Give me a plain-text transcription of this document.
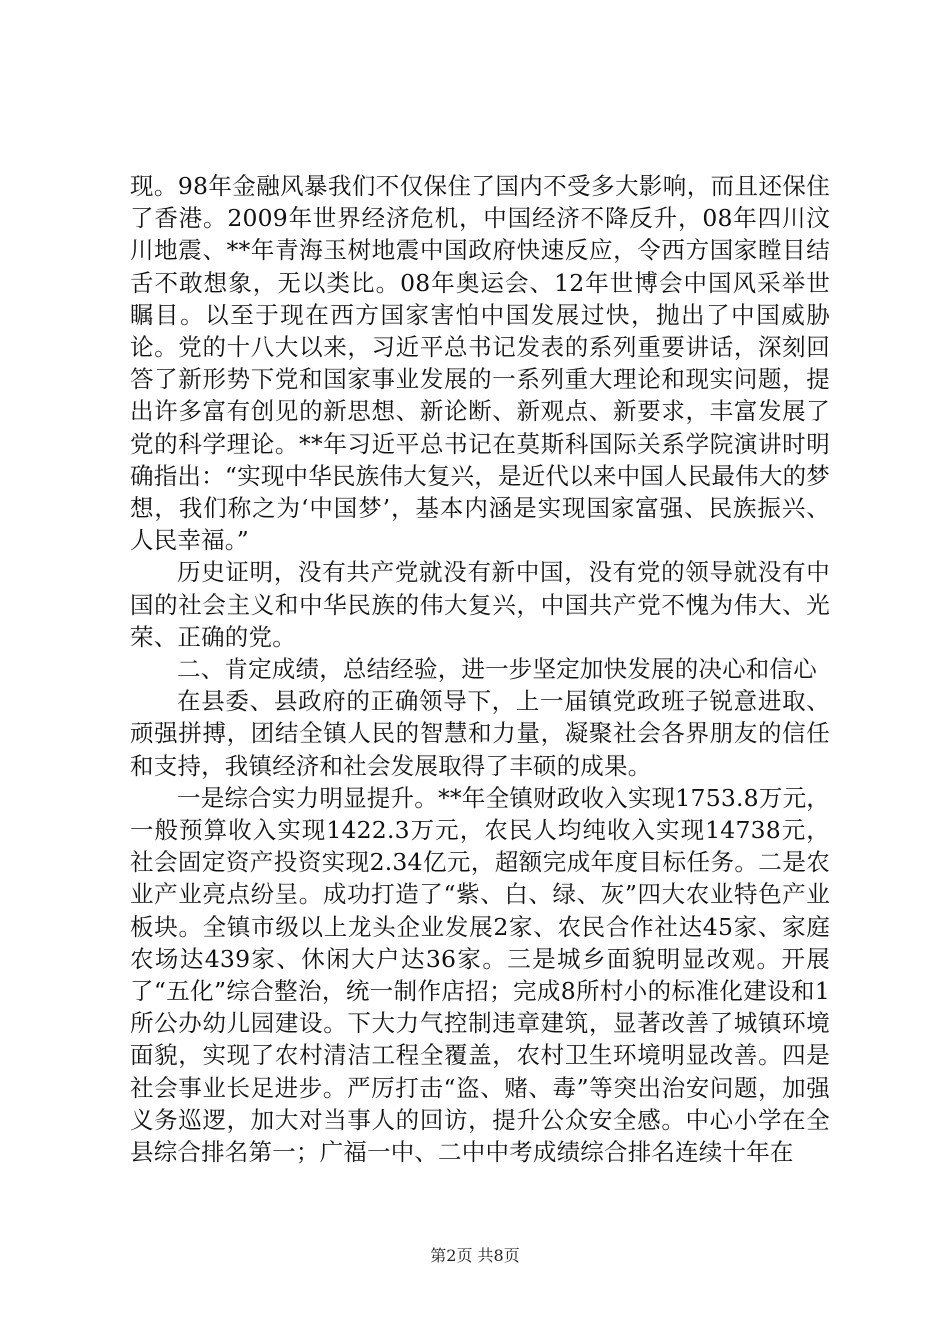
现。98年金融风暴我们不仅保住了国内不受多大影响，而且还保住了香港。2009年世界经济危机，中国经济不降反升，08年四川汶川地震、**年青海玉树地震中国政府快速反应，令西方国家瞠目结舌不敢想象，无以类比。08年奥运会、12年世博会中国风采举世瞩目。以至于现在西方国家害怕中国发展过快，抛出了中国威胁论。党的十八大以来，习近平总书记发表的系列重要讲话，深刻回答了新形势下党和国家事业发展的一系列重大理论和现实问题，提出许多富有创见的新思想、新论断、新观点、新要求，丰富发展了党的科学理论。**年习近平总书记在莫斯科国际关系学院演讲时明确指出：“实现中华民族伟大复兴，是近代以来中国人民最伟大的梦想，我们称之为‘中国梦’，基本内涵是实现国家富强、民族振兴、人民幸福。”

历史证明，没有共产党就没有新中国，没有党的领导就没有中国的社会主义和中华民族的伟大复兴，中国共产党不愧为伟大、光荣、正确的党。

二、肯定成绩，总结经验，进一步坚定加快发展的决心和信心

在县委、县政府的正确领导下，上一届镇党政班子锐意进取、顽强拼搏，团结全镇人民的智慧和力量，凝聚社会各界朋友的信任和支持，我镇经济和社会发展取得了丰硕的成果。

一是综合实力明显提升。**年全镇财政收入实现1753.8万元，一般预算收入实现1422.3万元，农民人均纯收入实现14738元，社会固定资产投资实现2.34亿元，超额完成年度目标任务。二是农业产业亮点纷呈。成功打造了“紫、白、绿、灰”四大农业特色产业板块。全镇市级以上龙头企业发展2家、农民合作社达45家、家庭农场达439家、休闲大户达36家。三是城乡面貌明显改观。开展了“五化”综合整治，统一制作店招；完成8所村小的标准化建设和1所公办幼儿园建设。下大力气控制违章建筑，显著改善了城镇环境面貌，实现了农村清洁工程全覆盖，农村卫生环境明显改善。四是社会事业长足进步。严厉打击“盗、赌、毒”等突出治安问题，加强义务巡逻，加大对当事人的回访，提升公众安全感。中心小学在全县综合排名第一；广福一中、二中中考成绩综合排名连续十年在

第2页 共8页
